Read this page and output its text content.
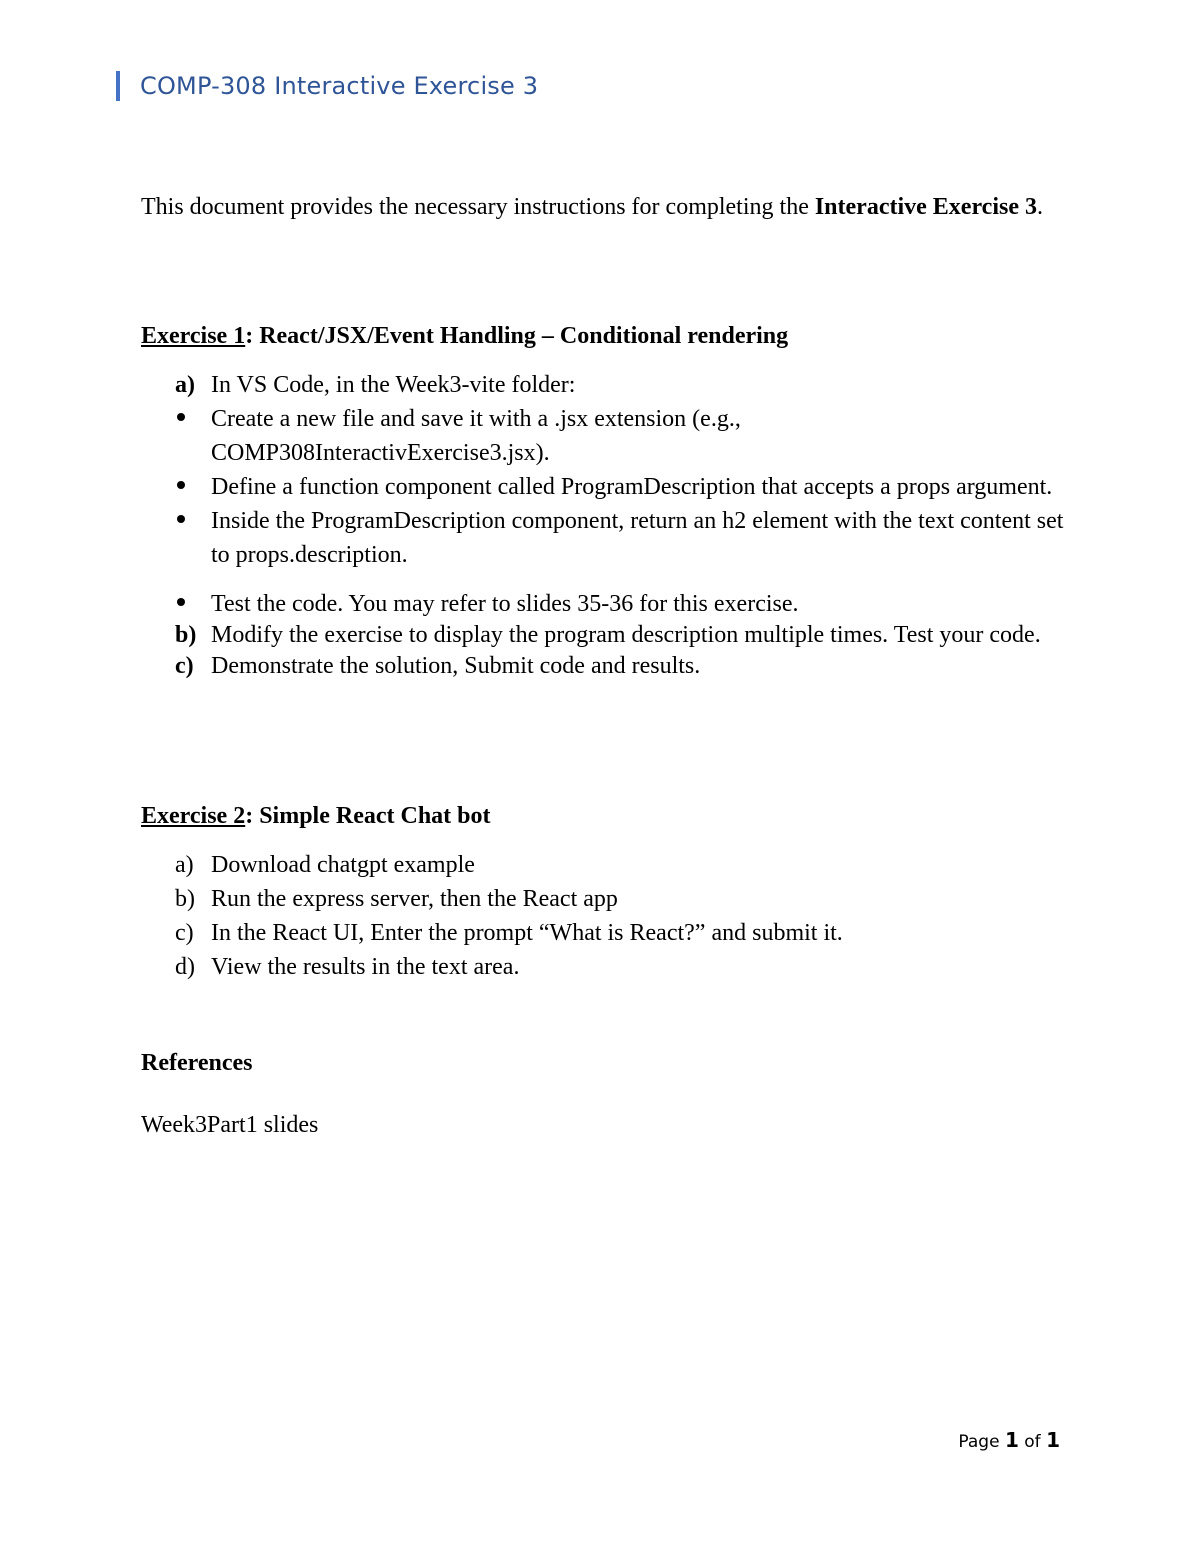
COMP-308 Interactive Exercise 3
This document provides the necessary instructions for completing the Interactive Exercise 3.
Exercise 1: React/JSX/Event Handling – Conditional rendering
a) In VS Code, in the Week3-vite folder:
Create a new file and save it with a .jsx extension (e.g., COMP308InteractivExercise3.jsx).
Define a function component called ProgramDescription that accepts a props argument.
Inside the ProgramDescription component, return an h2 element with the text content set to props.description.
Test the code. You may refer to slides 35-36 for this exercise.
b) Modify the exercise to display the program description multiple times. Test your code.
c) Demonstrate the solution, Submit code and results.
Exercise 2: Simple React Chat bot
a) Download chatgpt example
b) Run the express server, then the React app
c) In the React UI, Enter the prompt “What is React?” and submit it.
d) View the results in the text area.
References
Week3Part1 slides
Page 1 of 1
